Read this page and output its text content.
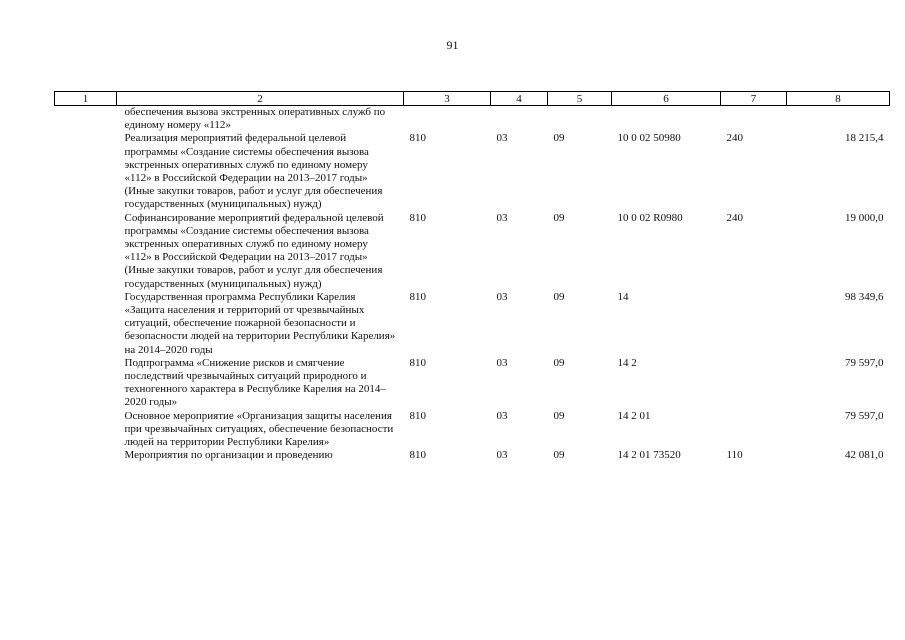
91
1	2	3	4	5	6	7	8
	обеспечения вызова экстренных оперативных служб по единому номеру «112»						
	Реализация мероприятий федеральной целевой программы «Создание системы обеспечения вызова экстренных оперативных служб по единому номеру «112» в Российской Федерации на 2013–2017 годы» (Иные закупки товаров, работ и услуг для обеспечения государственных (муниципальных) нужд)	810	03	09	10 0 02 50980	240	18 215,4
	Софинансирование мероприятий федеральной целевой программы «Создание системы обеспечения вызова экстренных оперативных служб по единому номеру «112» в Российской Федерации на 2013–2017 годы» (Иные закупки товаров, работ и услуг для обеспечения государственных (муниципальных) нужд)	810	03	09	10 0 02 R0980	240	19 000,0
	Государственная программа Республики Карелия «Защита населения и территорий от чрезвычайных ситуаций, обеспечение пожарной безопасности и безопасности людей на территории Республики Карелия» на 2014–2020 годы	810	03	09	14		98 349,6
	Подпрограмма «Снижение рисков и смягчение последствий чрезвычайных ситуаций природного и техногенного характера в Республике Карелия на 2014–2020 годы»	810	03	09	14 2		79 597,0
	Основное мероприятие «Организация защиты населения при чрезвычайных ситуациях, обеспечение безопасности людей на территории Республики Карелия»	810	03	09	14 2 01		79 597,0
	Мероприятия по организации и проведению	810	03	09	14 2 01 73520	110	42 081,0
